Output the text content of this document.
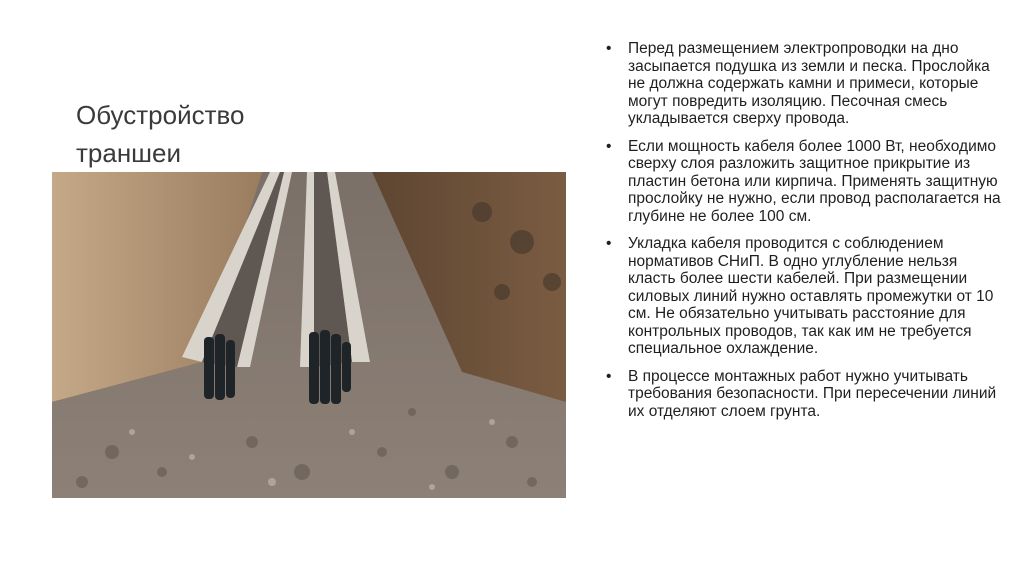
Обустройство
траншеи
• Перед размещением электропроводки на дно засыпается подушка из земли и песка. Прослойка не должна содержать камни и примеси, которые могут повредить изоляцию. Песочная смесь укладывается сверху провода.
• Если мощность кабеля более 1000 Вт, необходимо сверху слоя разложить защитное прикрытие из пластин бетона или кирпича. Применять защитную прослойку не нужно, если провод располагается на глубине не более 100 см.
• Укладка кабеля проводится с соблюдением нормативов СНиП. В одно углубление нельзя класть более шести кабелей. При размещении силовых линий нужно оставлять промежутки от 10 см. Не обязательно учитывать расстояние для контрольных проводов, так как им не требуется специальное охлаждение.
• В процессе монтажных работ нужно учитывать требования безопасности. При пересечении линий их отделяют слоем грунта.
